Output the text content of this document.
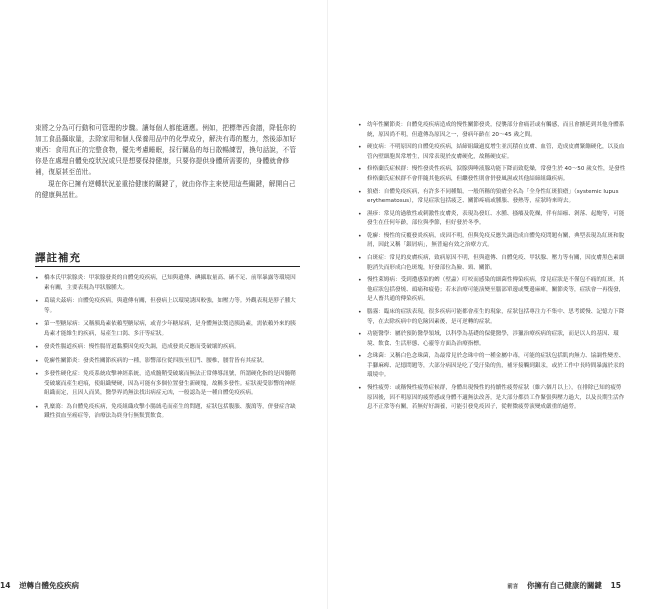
束將之分為可行動和可管理的步驟。讓每個人都能適應。例如，把標準西食譜，降低你的加工食品攝取量，去除家用和個人保養用品中的化學成分，解決有毒的壓力，然後添加好東西：食用真正的完整食物，優先考慮睡眠，採行關島的每日散暢練習，換句話說，不管你是在處理自體免疫狀況或只是想要保持健康，只要你提供身體所需要的，身體就會修補，復原甚至茁壯。

現在你已擁有逆轉狀況並重拾健康的關鍵了，就由你作主來使用這些關鍵，解開自己的健康與茁壯。

譯註補充
• 橋本氏甲狀腺炎：甲狀腺發炎的自體免疫疾病，已知與遺傳、碘攝取量高、硒不足、前單暴露等環境因素有關，主要表現為甲狀腺腫大。
• 葛瑞夫茲病：自體免疫疾病，與遺傳有關，但發病上以環境誘因較強，如壓力等。外觀表現是脖子腫大等。
• 第一型糖尿病：又稱胰島素依賴型糖尿病，或青少年糖尿病，是身體無法製造胰島素，需依賴外來的胰島素才能維生的疾病，易產生口渴、多汗等症狀。
• 發炎性腸道疾病：慢性腸胃道黏膜因免疫失調，造成發炎反應而受破壞的疾病。
• 乾癬性關節炎：發炎性關節疾病的一種，影響部位從四肢至肛門、腰椎，腰背皆有其症狀。
• 多發性硬化症：免疫系統攻擊神經系統，造成髓鞘受破壞而無法正常傳導訊號，所謂硬化指的是因髓鞘受破壞而產生疤痕，使組織變硬，因為可能有多個位置發生新硬塊，故稱多發性。症狀視受影響的神經組織而定，且因人而異，醫學界尚無法找出病症元凶，一般認為是一種自體免疫疾病。
• 乳糜瀉：為自體免疫疾病，免疫組織攻擊小腸絨毛而產生的問題，症狀包括腹脹、腹瀉等，併發症含缺鐵性貧血至癌症等，治療法為終身行無麩質飲食。
14 逆轉自體免疫疾病
• 幼年性關節炎：自體免疫疾病造成的慢性關節發炎，侵襲部分會痛甚或有觸感，而且會擴延到其他身體系統，原因尚不明，但遺傳為原因之一，發病年齡在 20～45 歲之間。
• 硬皮病：不明原因的自體免疫疾病，結締組織過度增生並沉積在皮膚、血管，造成皮膚緊繃硬化，以及血管內壁細胞異常增生，因常表現於皮膚硬化，故稱硬皮症。
• 修格蘭氏症候群：慢性發炎性疾病，淚腺與唾液腺功能下降而致乾燥，常發生於 40～50 歲女性，是發性修格蘭氏症候群不會伴隨其他疾病，但繼發性則會併發風濕或其他結締組織疾病。
• 狼瘡：自體免疫疾病，有許多不同種類，一般所稱的狼瘡全名為「全身性紅斑狼瘡」（systemic lupus erythematosus），常見症狀包括疲乏、關節疼痛或腫脹、發熱等，症狀時來時去。
• 濕疹：常見的過敏性或刺激性皮膚炎，表現為發紅、水腫、搔癢及乾燥，伴有結痂、剝落、起皰等，可能發生在任何年齡，部位與季節，但好發於冬季。
• 乾癬：慢性的反覆發炎疾病，成因不明，但與免疫反應失調造成自體免疫問題有關，典型表現為紅斑和脫屑，因此又稱「銀屑病」，無普遍有效之治療方式。
• 白斑症：常見的皮膚疾病，致病原因不明，但與遺傳、自體免疫、甲狀腺、壓力等有關，因皮膚黑色素細胞消失而形成白色斑塊，好發部位為臉、頸、關節。
• 慢性萊姆病：受到遭感染的蜱（壁蝨）叮咬而感染的細菌性傳染疾病，常見症狀是不僅包不痛的紅斑，其他症狀包括發燒、頭痛和疲倦；若未治療可能演變至腦部單邊或雙邊麻痺，關節炎等，症狀會一再復發，是人畜共通的傳染疾病。
• 腦霧：臨床的症狀表現，很多疾病可能都會產生的現象，症狀包括專注力不集中、思考緩慢、記憶力下降等，在去除疾病中的危險因素後，是可逆轉的症狀。
• 功能醫學：屬於預防醫學領域，以科學為基礎的保健醫學，涉獵治療疾病的症狀，而是以人的基因、環境、飲食、生活形態、心靈等方面為治療指標。
• 念珠菌：又稱白色念珠菌，為最常見於念珠中的一種金屬中毒，可能的症狀包括肌肉無力、協調性變差、手腳麻痺、記憶問題等，大部分病因是吃了受汙染的魚，補牙接觸到銀汞，或於工作中長時間暴露於汞的環境中。
• 慢性疲勞：或稱慢性疲勞症候群，身體出現慢性的持續性疲勞症狀（維六個月以上），在排除已知的疲勞原因後，因不明原因的疲勞感或身體不適無法改善，是大部分都員工作緊張與壓力過大，以及長期生活作息不正常等有關，若無好好調養，可能引發免疫因子，從輕微疲勞演變成嚴重的過勞。
前言 你擁有自己健康的關鍵 15
